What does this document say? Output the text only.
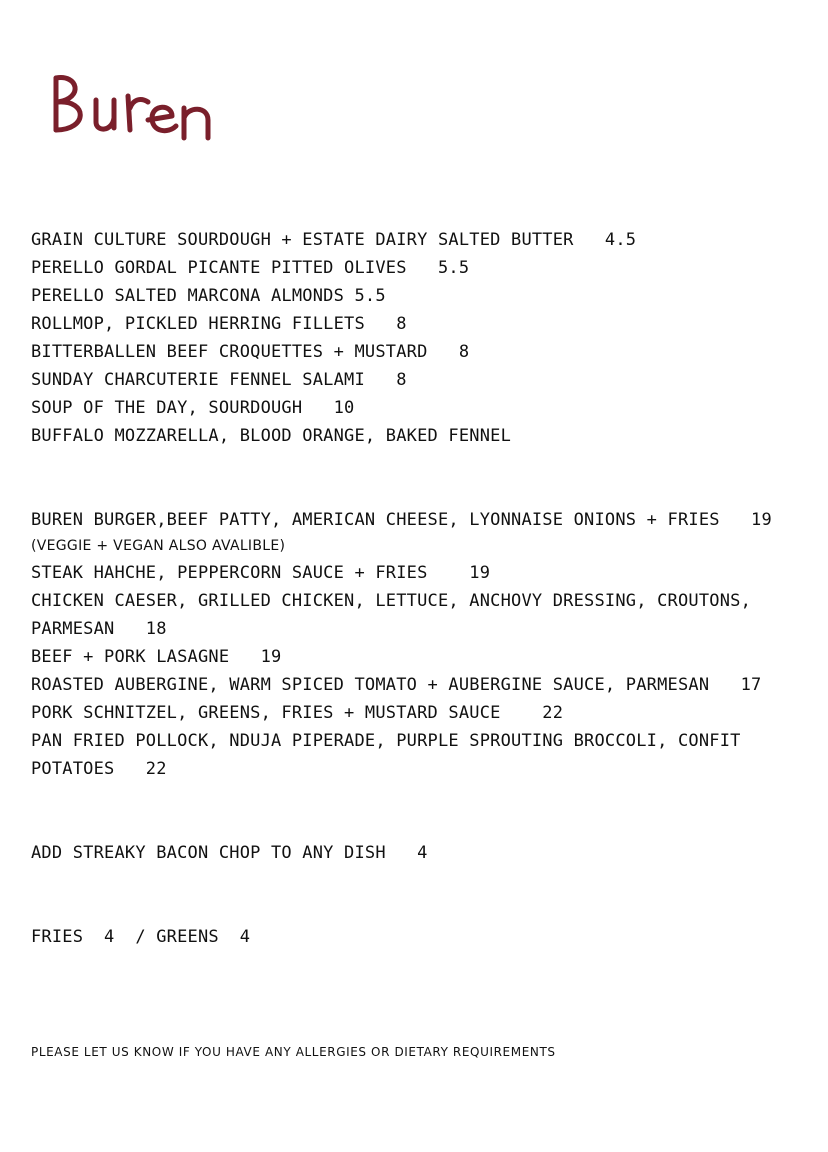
GRAIN CULTURE SOURDOUGH + ESTATE DAIRY SALTED BUTTER   4.5
PERELLO GORDAL PICANTE PITTED OLIVES   5.5
PERELLO SALTED MARCONA ALMONDS 5.5
ROLLMOP, PICKLED HERRING FILLETS   8
BITTERBALLEN BEEF CROQUETTES + MUSTARD   8
SUNDAY CHARCUTERIE FENNEL SALAMI   8
SOUP OF THE DAY, SOURDOUGH   10
BUFFALO MOZZARELLA, BLOOD ORANGE, BAKED FENNEL
BUREN BURGER,BEEF PATTY, AMERICAN CHEESE, LYONNAISE ONIONS + FRIES   19
(VEGGIE + VEGAN ALSO AVALIBLE)
STEAK HAHCHE, PEPPERCORN SAUCE + FRIES    19
CHICKEN CAESER, GRILLED CHICKEN, LETTUCE, ANCHOVY DRESSING, CROUTONS, PARMESAN   18
BEEF + PORK LASAGNE   19
ROASTED AUBERGINE, WARM SPICED TOMATO + AUBERGINE SAUCE, PARMESAN   17
PORK SCHNITZEL, GREENS, FRIES + MUSTARD SAUCE    22
PAN FRIED POLLOCK, NDUJA PIPERADE, PURPLE SPROUTING BROCCOLI, CONFIT POTATOES   22
ADD STREAKY BACON CHOP TO ANY DISH   4
FRIES  4  / GREENS  4
PLEASE LET US KNOW IF YOU HAVE ANY ALLERGIES OR DIETARY REQUIREMENTS
